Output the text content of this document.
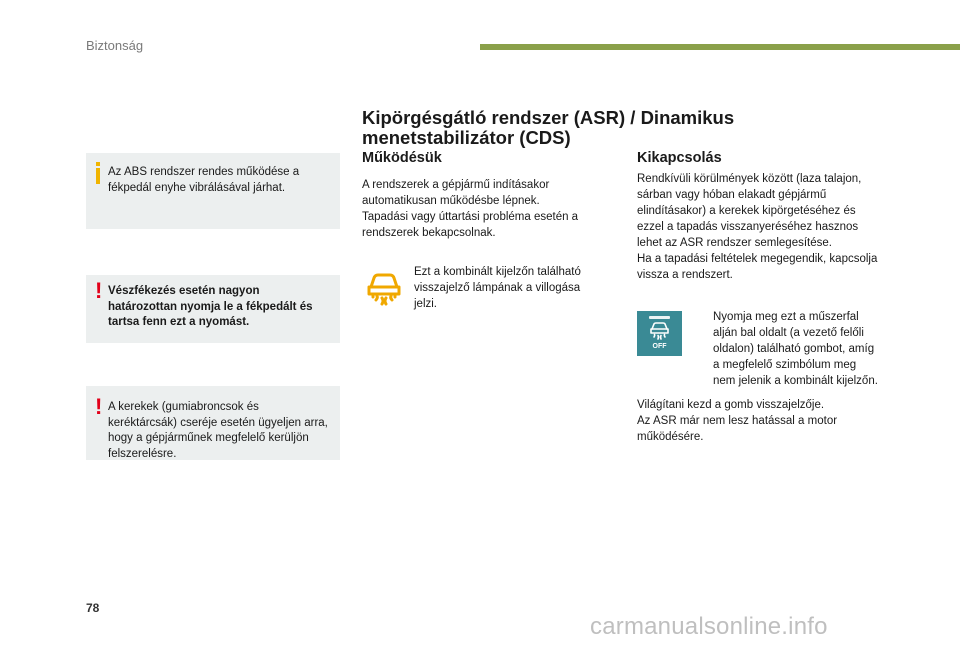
Biztonság
Az ABS rendszer rendes működése a fékpedál enyhe vibrálásával járhat.
! Vészfékezés esetén nagyon határozottan nyomja le a fékpedált és tartsa fenn ezt a nyomást.
! A kerekek (gumiabroncsok és keréktárcsák) cseréje esetén ügyeljen arra, hogy a gépjárműnek megfelelő kerüljön felszerelésre.
Kipörgésgátló rendszer (ASR) / Dinamikus
menetstabilizátor (CDS)
Működésük
A rendszerek a gépjármű indításakor
automatikusan működésbe lépnek.
Tapadási vagy úttartási probléma esetén a
rendszerek bekapcsolnak.
Ezt a kombinált kijelzőn található
visszajelző lámpának a villogása
jelzi.
Kikapcsolás
Rendkívüli körülmények között (laza talajon,
sárban vagy hóban elakadt gépjármű
elindításakor) a kerekek kipörgetéséhez és
ezzel a tapadás visszanyeréséhez hasznos
lehet az ASR rendszer semlegesítése.
Ha a tapadási feltételek megegendik, kapcsolja
vissza a rendszert.
OFF
Nyomja meg ezt a műszerfal
alján bal oldalt (a vezető felőli
oldalon) található gombot, amíg
a megfelelő szimbólum meg
nem jelenik a kombinált kijelzőn.
Világítani kezd a gomb visszajelzője.
Az ASR már nem lesz hatással a motor
működésére.
78
carmanualsonline.info
